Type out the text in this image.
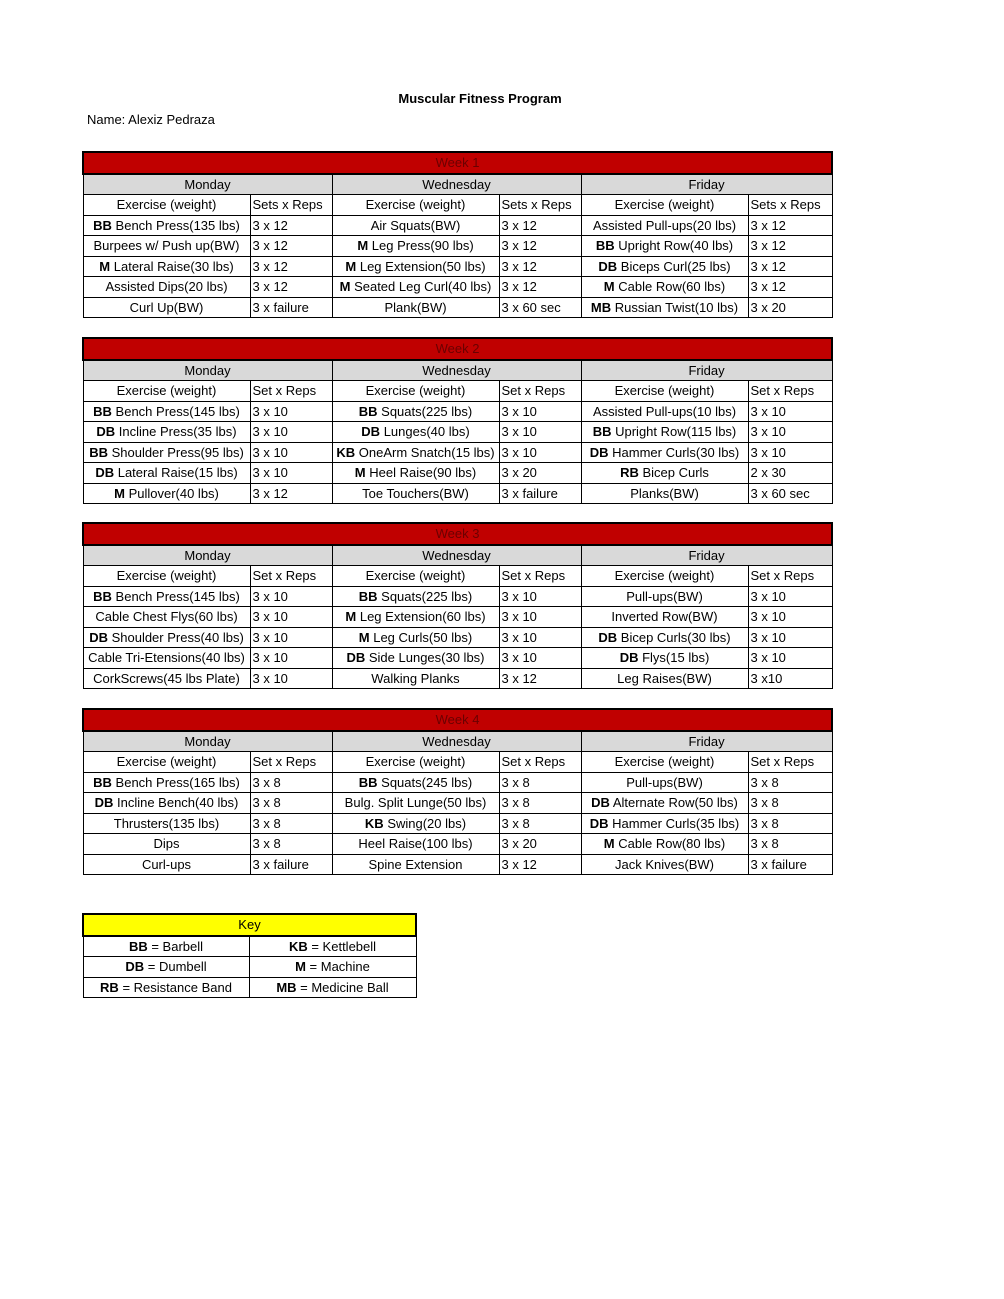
Muscular Fitness Program
Name: Alexiz Pedraza
Week 1					
Monday		Wednesday		Friday	
Exercise (weight)	Sets x Reps	Exercise (weight)	Sets x Reps	Exercise (weight)	Sets x Reps
BB Bench Press(135 lbs)	3 x 12	Air Squats(BW)	3 x 12	Assisted Pull-ups(20 lbs)	3 x 12
Burpees w/ Push up(BW)	3 x 12	M Leg Press(90 lbs)	3 x 12	BB Upright Row(40 lbs)	3 x 12
M Lateral Raise(30 lbs)	3 x 12	M Leg Extension(50 lbs)	3 x 12	DB Biceps Curl(25 lbs)	3 x 12
Assisted Dips(20 lbs)	3 x 12	M Seated Leg Curl(40 lbs)	3 x 12	M Cable Row(60 lbs)	3 x 12
Curl Up(BW)	3 x failure	Plank(BW)	3 x 60 sec	MB Russian Twist(10 lbs)	3 x 20
Week 2					
Monday		Wednesday		Friday	
Exercise (weight)	Set x Reps	Exercise (weight)	Set x Reps	Exercise (weight)	Set x Reps
BB Bench Press(145 lbs)	3 x 10	BB Squats(225 lbs)	3 x 10	Assisted Pull-ups(10 lbs)	3 x 10
DB Incline Press(35 lbs)	3 x 10	DB Lunges(40 lbs)	3 x 10	BB Upright Row(115 lbs)	3 x 10
BB Shoulder Press(95 lbs)	3 x 10	KB OneArm Snatch(15 lbs)	3 x 10	DB Hammer Curls(30 lbs)	3 x 10
DB Lateral Raise(15 lbs)	3 x 10	M Heel Raise(90 lbs)	3 x 20	RB Bicep Curls	2 x 30
M Pullover(40 lbs)	3 x 12	Toe Touchers(BW)	3 x failure	Planks(BW)	3 x 60 sec
Week 3					
Monday		Wednesday		Friday	
Exercise (weight)	Set x Reps	Exercise (weight)	Set x Reps	Exercise (weight)	Set x Reps
BB Bench Press(145 lbs)	3 x 10	BB Squats(225 lbs)	3 x 10	Pull-ups(BW)	3 x 10
Cable Chest Flys(60 lbs)	3 x 10	M Leg Extension(60 lbs)	3 x 10	Inverted Row(BW)	3 x 10
DB Shoulder Press(40 lbs)	3 x 10	M Leg Curls(50 lbs)	3 x 10	DB Bicep Curls(30 lbs)	3 x 10
Cable Tri-Etensions(40 lbs)	3 x 10	DB Side Lunges(30 lbs)	3 x 10	DB Flys(15 lbs)	3 x 10
CorkScrews(45 lbs Plate)	3 x 10	Walking Planks	3 x 12	Leg Raises(BW)	3 x10
Week 4					
Monday		Wednesday		Friday	
Exercise (weight)	Set x Reps	Exercise (weight)	Set x Reps	Exercise (weight)	Set x Reps
BB Bench Press(165 lbs)	3 x 8	BB Squats(245 lbs)	3 x 8	Pull-ups(BW)	3 x 8
DB Incline Bench(40 lbs)	3 x 8	Bulg. Split Lunge(50 lbs)	3 x 8	DB Alternate Row(50 lbs)	3 x 8
Thrusters(135 lbs)	3 x 8	KB Swing(20 lbs)	3 x 8	DB Hammer Curls(35 lbs)	3 x 8
Dips	3 x 8	Heel Raise(100 lbs)	3 x 20	M Cable Row(80 lbs)	3 x 8
Curl-ups	3 x failure	Spine Extension	3 x 12	Jack Knives(BW)	3 x failure
Key	
BB = Barbell	KB = Kettlebell
DB = Dumbell	M = Machine
RB = Resistance Band	MB = Medicine Ball
